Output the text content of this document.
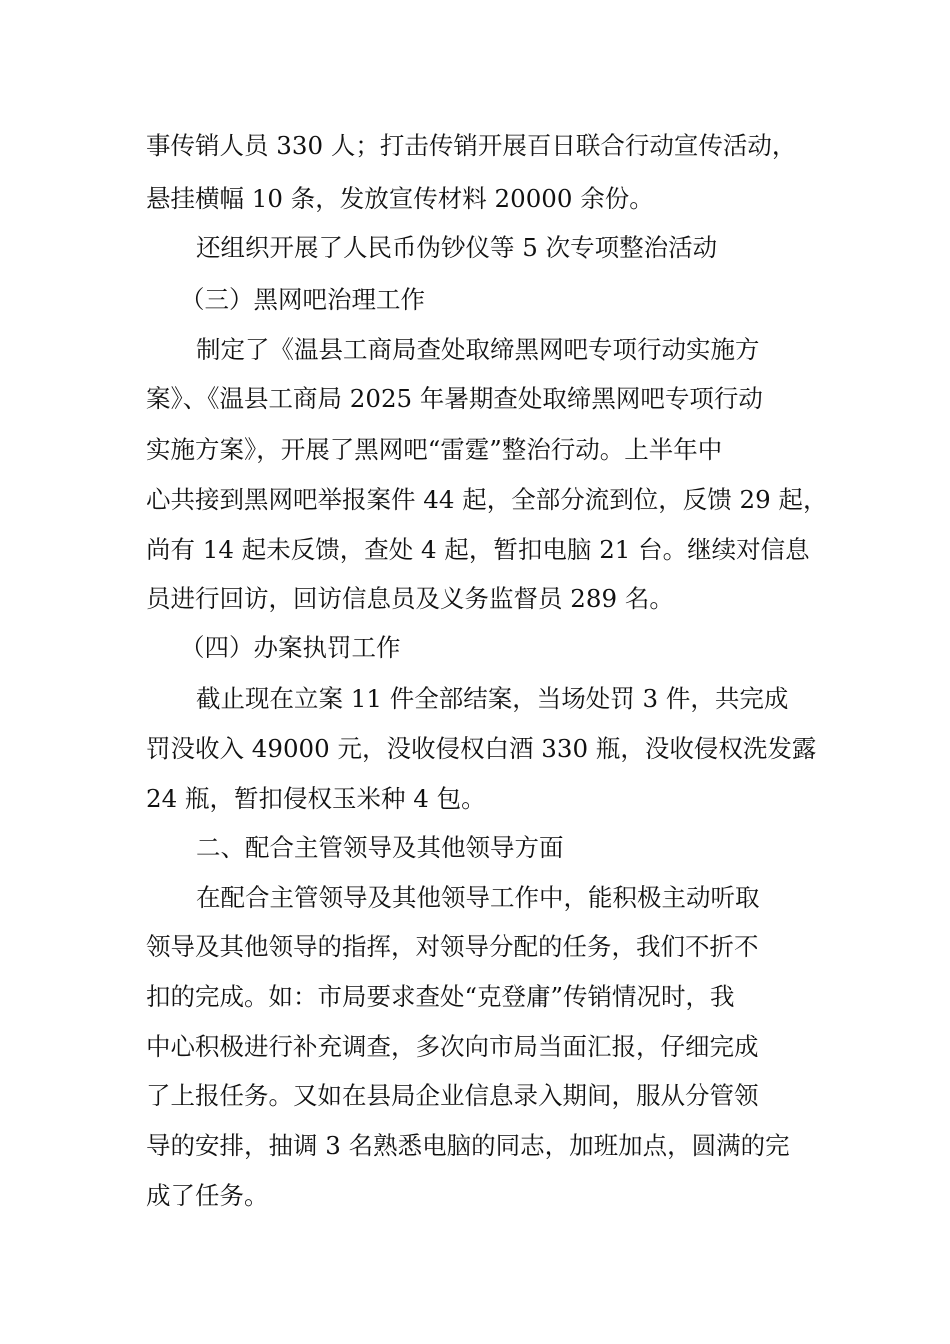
事传销人员 330 人；打击传销开展百日联合行动宣传活动，
悬挂横幅 10 条，发放宣传材料 20000 余份。
还组织开展了人民币伪钞仪等 5 次专项整治活动
（三）黑网吧治理工作
制定了《温县工商局查处取缔黑网吧专项行动实施方
案》、《温县工商局 2025 年暑期查处取缔黑网吧专项行动
实施方案》，开展了黑网吧“雷霆”整治行动。上半年中
心共接到黑网吧举报案件 44 起，全部分流到位，反馈 29 起，
尚有 14 起未反馈，查处 4 起，暂扣电脑 21 台。继续对信息
员进行回访，回访信息员及义务监督员 289 名。
（四）办案执罚工作
截止现在立案 11 件全部结案，当场处罚 3 件，共完成
罚没收入 49000 元，没收侵权白酒 330 瓶，没收侵权洗发露
24 瓶，暂扣侵权玉米种 4 包。
二、配合主管领导及其他领导方面
在配合主管领导及其他领导工作中，能积极主动听取
领导及其他领导的指挥，对领导分配的任务，我们不折不
扣的完成。如：市局要求查处“克登庸”传销情况时，我
中心积极进行补充调查，多次向市局当面汇报，仔细完成
了上报任务。又如在县局企业信息录入期间，服从分管领
导的安排，抽调 3 名熟悉电脑的同志，加班加点，圆满的完
成了任务。
